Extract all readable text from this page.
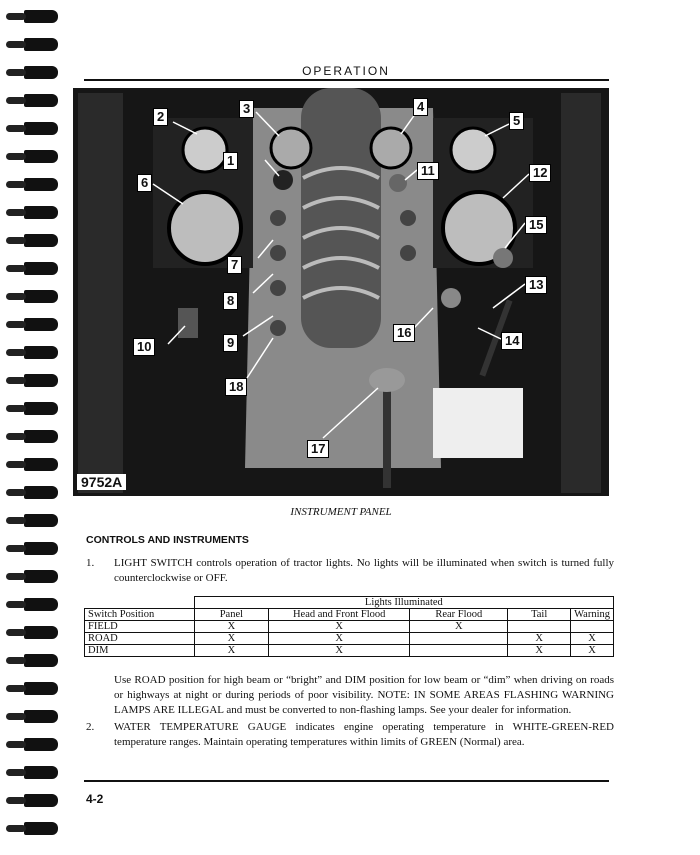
OPERATION
1
2
3	4
5
6
7
8
9
10
11	12
13
14
15
16
17
18
9752A
INSTRUMENT PANEL
CONTROLS AND INSTRUMENTS
1. LIGHT SWITCH controls operation of tractor lights. No lights will be illuminated when switch is turned fully counterclockwise or OFF.
	Lights Illuminated				
Switch Position	Panel	Head and Front Flood	Rear Flood	Tail	Warning
FIELD	X	X	X		
ROAD	X	X		X	X
DIM	X	X		X	X
Use ROAD position for high beam or “bright” and DIM position for low beam or “dim” when driving on roads or highways at night or during periods of poor visibility. NOTE: IN SOME AREAS FLASHING WARNING LAMPS ARE ILLEGAL and must be converted to non-flashing lamps. See your dealer for information.
2. WATER TEMPERATURE GAUGE indicates engine operating temperature in WHITE-GREEN-RED temperature ranges. Maintain operating temperatures within limits of GREEN (Normal) area.
4-2
